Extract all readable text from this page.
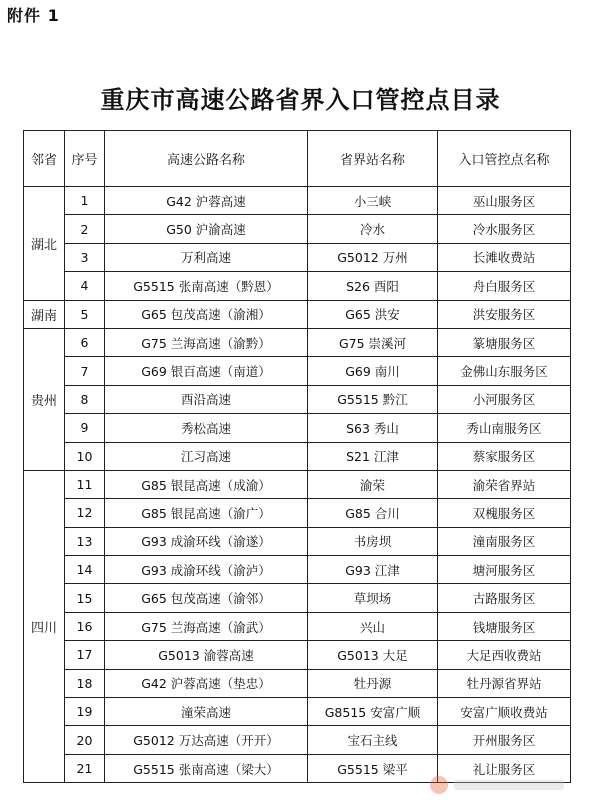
附件 1
重庆市高速公路省界入口管控点目录
邻省	序号	高速公路名称	省界站名称	入口管控点名称
湖北	1	G42 沪蓉高速	小三峡	巫山服务区
	2	G50 沪渝高速	冷水	冷水服务区
	3	万利高速	G5012 万州	长滩收费站
	4	G5515 张南高速（黔恩）	S26 酉阳	舟白服务区
湖南	5	G65 包茂高速（渝湘）	G65 洪安	洪安服务区
贵州	6	G75 兰海高速（渝黔）	G75 崇溪河	篆塘服务区
	7	G69 银百高速（南道）	G69 南川	金佛山东服务区
	8	酉沿高速	G5515 黔江	小河服务区
	9	秀松高速	S63 秀山	秀山南服务区
	10	江习高速	S21 江津	蔡家服务区
四川	11	G85 银昆高速（成渝）	渝荣	渝荣省界站
	12	G85 银昆高速（渝广）	G85 合川	双槐服务区
	13	G93 成渝环线（渝遂）	书房坝	潼南服务区
	14	G93 成渝环线（渝泸）	G93 江津	塘河服务区
	15	G65 包茂高速（渝邻）	草坝场	古路服务区
	16	G75 兰海高速（渝武）	兴山	钱塘服务区
	17	G5013 渝蓉高速	G5013 大足	大足西收费站
	18	G42 沪蓉高速（垫忠）	牡丹源	牡丹源省界站
	19	潼荣高速	G8515 安富广顺	安富广顺收费站
	20	G5012 万达高速（开开）	宝石主线	开州服务区
	21	G5515 张南高速（梁大）	G5515 梁平	礼让服务区
